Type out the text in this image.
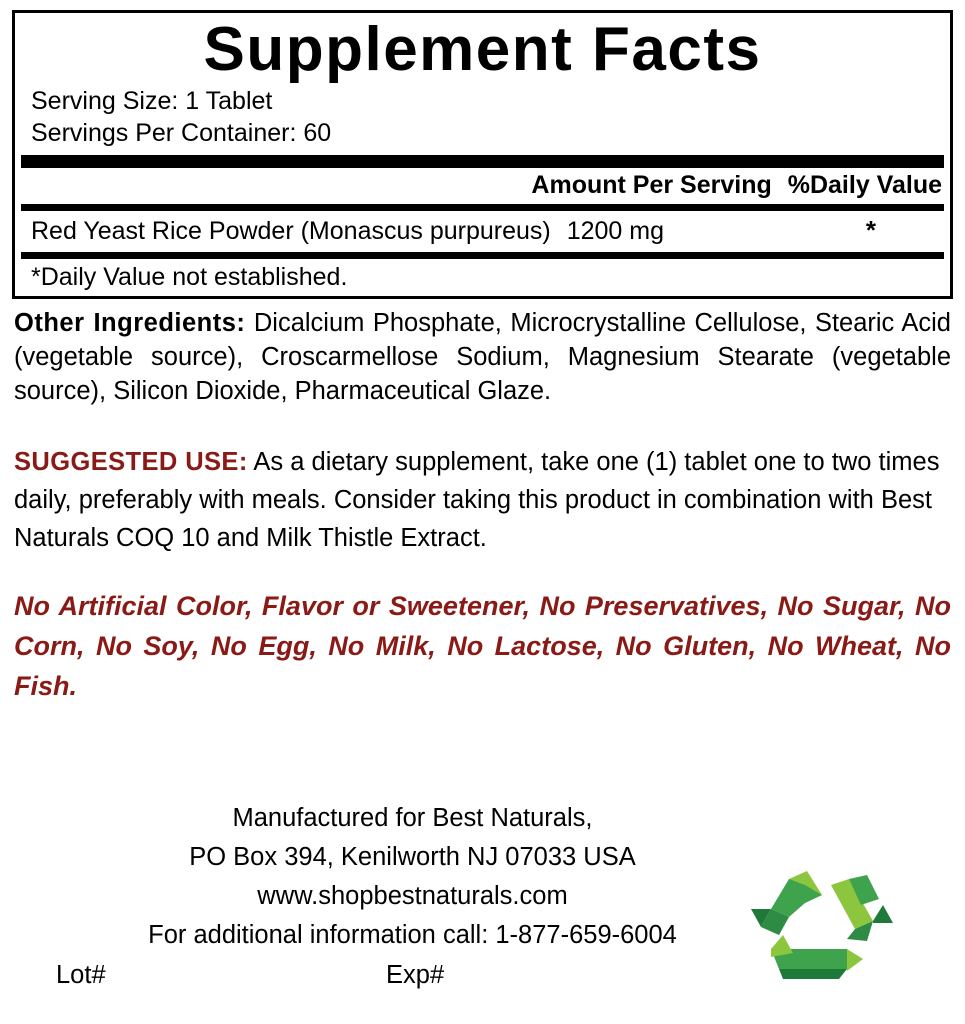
Supplement Facts
Serving Size: 1 Tablet
Servings Per Container: 60
Amount Per Serving %Daily Value
Red Yeast Rice Powder (Monascus purpureus) 1200 mg	*
*Daily Value not established.
Other Ingredients: Dicalcium Phosphate, Microcrystalline Cellulose, Stearic Acid (vegetable source), Croscarmellose Sodium, Magnesium Stearate (vegetable source), Silicon Dioxide, Pharmaceutical Glaze.
SUGGESTED USE: As a dietary supplement, take one (1) tablet one to two times daily, preferably with meals. Consider taking this product in combination with Best Naturals COQ 10 and Milk Thistle Extract.
No Artificial Color, Flavor or Sweetener, No Preservatives, No Sugar, No Corn, No Soy, No Egg, No Milk, No Lactose, No Gluten, No Wheat, No Fish.
Manufactured for Best Naturals,
PO Box 394, Kenilworth NJ 07033 USA
www.shopbestnaturals.com
For additional information call: 1-877-659-6004
Lot#	Exp#
